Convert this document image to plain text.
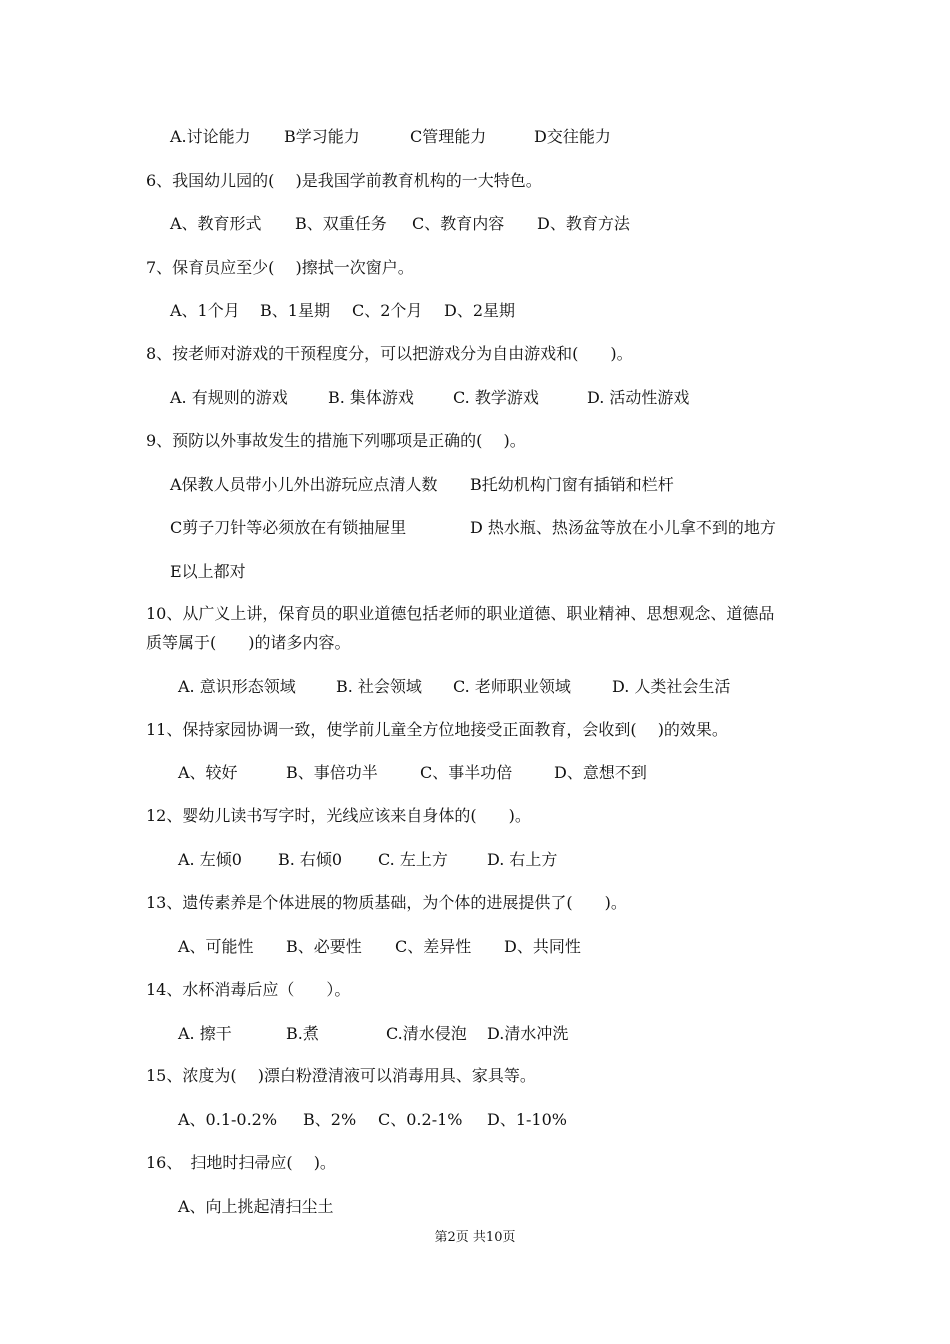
A.讨论能力 B学习能力	C管理能力	D交往能力
6、我国幼儿园的(　 )是我国学前教育机构的一大特色。
A、教育形式 B、双重任务 C、教育内容 D、教育方法
7、保育员应至少(　 )擦拭一次窗户。
A、1个月 B、1星期 C、2个月 D、2星期
8、按老师对游戏的干预程度分，可以把游戏分为自由游戏和(　　)。
A. 有规则的游戏	B. 集体游戏 C. 教学游戏	D. 活动性游戏
9、预防以外事故发生的措施下列哪项是正确的(　 )。
A保教人员带小儿外出游玩应点清人数 B托幼机构门窗有插销和栏杆
C剪子刀针等必须放在有锁抽屉里	D 热水瓶、热汤盆等放在小儿拿不到的地方
E以上都对
10、从广义上讲，保育员的职业道德包括老师的职业道德、职业精神、思想观念、道德品
质等属于(　　)的诸多内容。
A. 意识形态领域	B. 社会领域 C. 老师职业领域	D. 人类社会生活
11、保持家园协调一致，使学前儿童全方位地接受正面教育，会收到(　 )的效果。
A、较好	B、事倍功半	C、事半功倍	D、意想不到
12、婴幼儿读书写字时，光线应该来自身体的(　　)。
A. 左倾0 B. 右倾0 C. 左上方 D. 右上方
13、遗传素养是个体进展的物质基础，为个体的进展提供了(　　)。
A、可能性 B、必要性 C、差异性 D、共同性
14、水杯消毒后应（　　）。
A. 擦干	B.煮	C.清水侵泡 D.清水冲洗
15、浓度为(　 )漂白粉澄清液可以消毒用具、家具等。
A、0.1-0.2% B、2% C、0.2-1% D、1-10%
16、　扫地时扫帚应(　 )。
A、向上挑起清扫尘土
第2页 共10页
